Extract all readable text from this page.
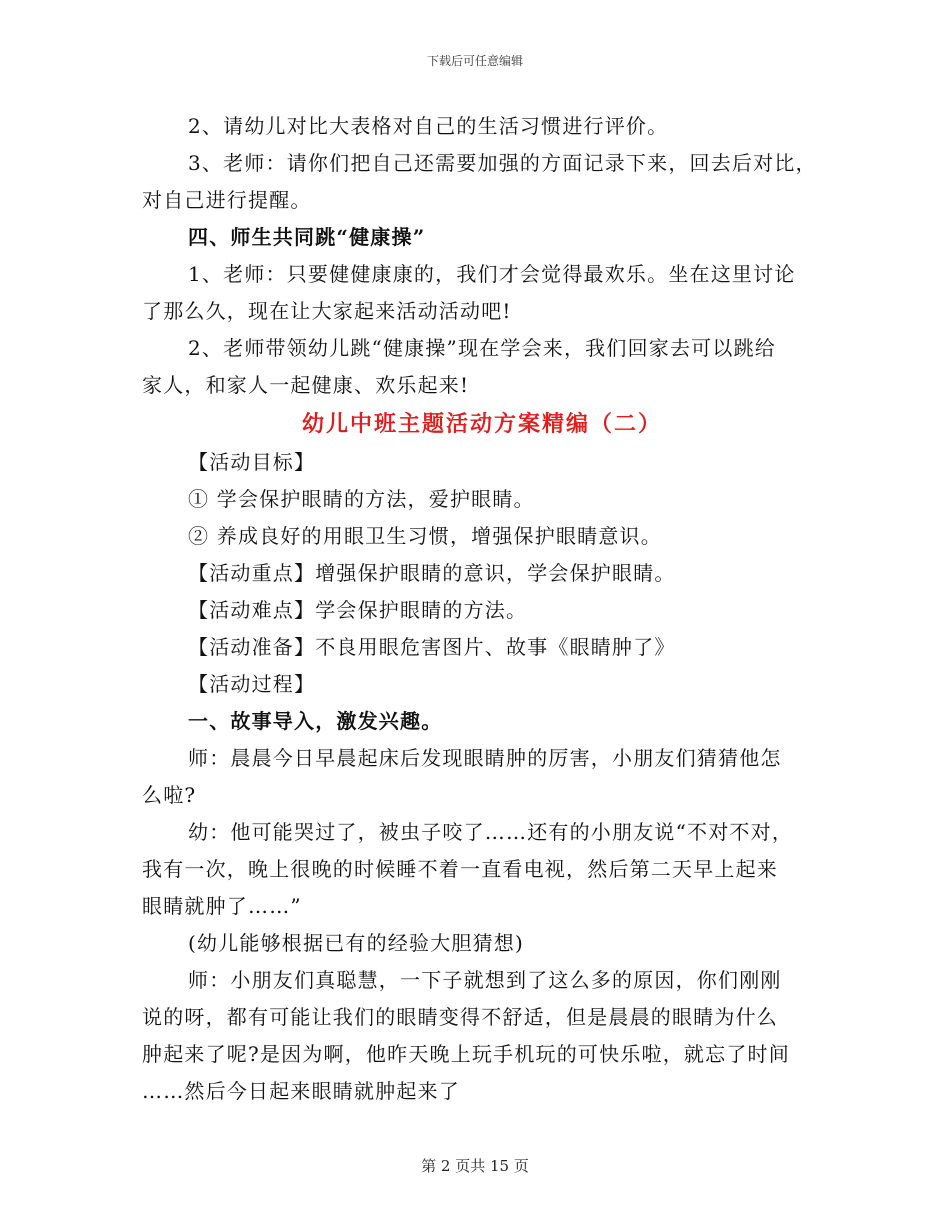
下载后可任意编辑
2、请幼儿对比大表格对自己的生活习惯进行评价。
3、老师：请你们把自己还需要加强的方面记录下来，回去后对比，
对自己进行提醒。
四、师生共同跳“健康操”
1、老师：只要健健康康的，我们才会觉得最欢乐。坐在这里讨论
了那么久，现在让大家起来活动活动吧!
2、老师带领幼儿跳“健康操”现在学会来，我们回家去可以跳给
家人，和家人一起健康、欢乐起来!
幼儿中班主题活动方案精编（二）
【活动目标】
① 学会保护眼睛的方法，爱护眼睛。
② 养成良好的用眼卫生习惯，增强保护眼睛意识。
【活动重点】增强保护眼睛的意识，学会保护眼睛。
【活动难点】学会保护眼睛的方法。
【活动准备】不良用眼危害图片、故事《眼睛肿了》
【活动过程】
一、故事导入，激发兴趣。
师：晨晨今日早晨起床后发现眼睛肿的厉害，小朋友们猜猜他怎
么啦?
幼：他可能哭过了，被虫子咬了……还有的小朋友说“不对不对，
我有一次，晚上很晚的时候睡不着一直看电视，然后第二天早上起来
眼睛就肿了……”
(幼儿能够根据已有的经验大胆猜想)
师：小朋友们真聪慧，一下子就想到了这么多的原因，你们刚刚
说的呀，都有可能让我们的眼睛变得不舒适，但是晨晨的眼睛为什么
肿起来了呢?是因为啊，他昨天晚上玩手机玩的可快乐啦，就忘了时间
……然后今日起来眼睛就肿起来了
第 2 页共 15 页
